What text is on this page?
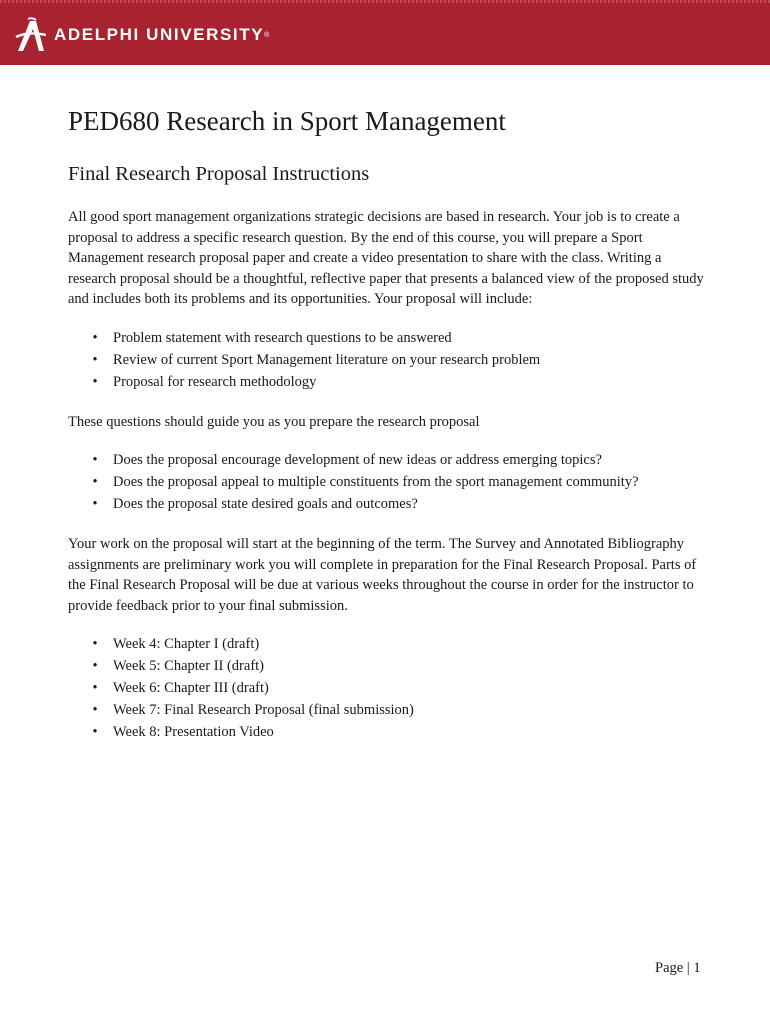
ADELPHI UNIVERSITY ®
PED680 Research in Sport Management
Final Research Proposal Instructions

All good sport management organizations strategic decisions are based in research. Your job is to create a proposal to address a specific research question. By the end of this course, you will prepare a Sport Management research proposal paper and create a video presentation to share with the class. Writing a research proposal should be a thoughtful, reflective paper that presents a balanced view of the proposed study and includes both its problems and its opportunities. Your proposal will include:

• Problem statement with research questions to be answered
• Review of current Sport Management literature on your research problem
• Proposal for research methodology

These questions should guide you as you prepare the research proposal

• Does the proposal encourage development of new ideas or address emerging topics?
• Does the proposal appeal to multiple constituents from the sport management community?
• Does the proposal state desired goals and outcomes?

Your work on the proposal will start at the beginning of the term. The Survey and Annotated Bibliography assignments are preliminary work you will complete in preparation for the Final Research Proposal. Parts of the Final Research Proposal will be due at various weeks throughout the course in order for the instructor to provide feedback prior to your final submission.

• Week 4: Chapter I (draft)
• Week 5: Chapter II (draft)
• Week 6: Chapter III (draft)
• Week 7: Final Research Proposal (final submission)
• Week 8: Presentation Video
Page | 1
